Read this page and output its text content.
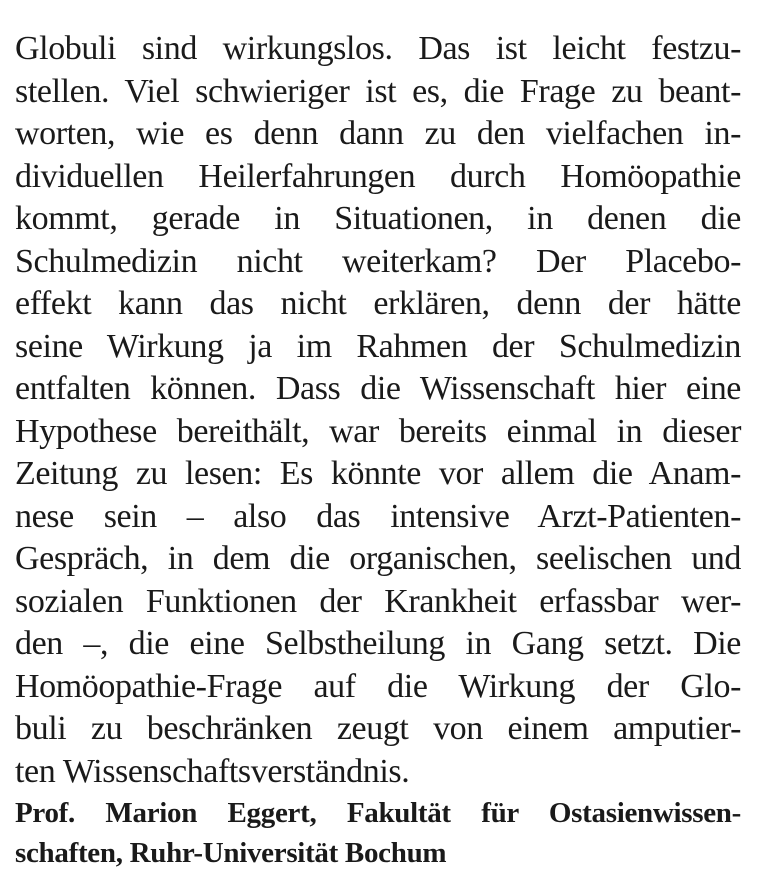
Globuli sind wirkungslos. Das ist leicht festzu-
stellen. Viel schwieriger ist es, die Frage zu beant-
worten, wie es denn dann zu den vielfachen in-
dividuellen Heilerfahrungen durch Homöopathie
kommt, gerade in Situationen, in denen die
Schulmedizin nicht weiterkam? Der Placebo-
effekt kann das nicht erklären, denn der hätte
seine Wirkung ja im Rahmen der Schulmedizin
entfalten können. Dass die Wissenschaft hier eine
Hypothese bereithält, war bereits einmal in dieser
Zeitung zu lesen: Es könnte vor allem die Anam-
nese sein – also das intensive Arzt-Patienten-
Gespräch, in dem die organischen, seelischen und
sozialen Funktionen der Krankheit erfassbar wer-
den –, die eine Selbstheilung in Gang setzt. Die
Homöopathie-Frage auf die Wirkung der Glo-
buli zu beschränken zeugt von einem amputier-
ten Wissenschaftsverständnis.
Prof. Marion Eggert, Fakultät für Ostasienwissen-
schaften, Ruhr-Universität Bochum
